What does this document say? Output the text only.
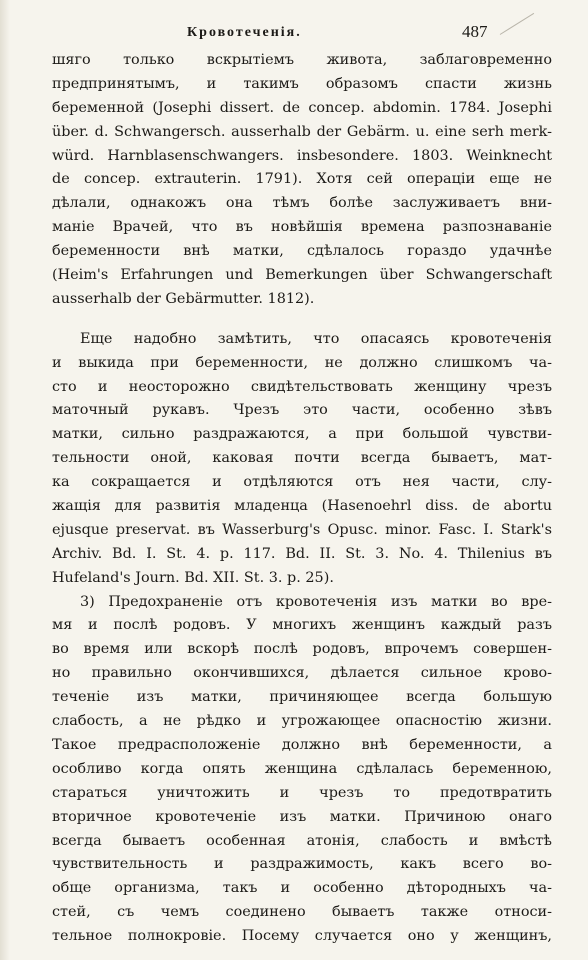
Кровотеченія.	487
шяго только вскрытіемъ живота, заблаговременно
предпринятымъ, и такимъ образомъ спасти жизнь
беременной (Josephi dissert. de concep. abdomin. 1784. Josephi
über. d. Schwangersch. ausserhalb der Gebärm. u. eine serh merk-
würd. Harnblasenschwangers. insbesondere. 1803. Weinknecht
de concep. extrauterin. 1791). Хотя сей операціи еще не
дѣлали, однакожъ она тѣмъ болѣе заслуживаетъ вни-
маніе Врачей, что въ новѣйшія времена разпознаваніе
беременности внѣ матки, сдѣлалось гораздо удачнѣе
(Heim's Erfahrungen und Bemerkungen über Schwangerschaft
ausserhalb der Gebärmutter. 1812).
Еще надобно замѣтить, что опасаясь кровотеченія
и выкида при беременности, не должно слишкомъ ча-
сто и неосторожно свидѣтельствовать женщину чрезъ
маточный рукавъ. Чрезъ это части, особенно зѣвъ
матки, сильно раздражаются, а при большой чувстви-
тельности оной, каковая почти всегда бываетъ, мат-
ка сокращается и отдѣляются отъ нея части, слу-
жащія для развитія младенца (Hasenoehrl diss. de abortu
ejusque preservat. въ Wasserburg's Opusc. minor. Fasc. I. Stark's
Archiv. Bd. I. St. 4. p. 117. Bd. II. St. 3. No. 4. Thilenius въ
Hufeland's Journ. Bd. XII. St. 3. p. 25).
3) Предохраненіе отъ кровотеченія изъ матки во вре-
мя и послѣ родовъ. У многихъ женщинъ каждый разъ
во время или вскорѣ послѣ родовъ, впрочемъ совершен-
но правильно окончившихся, дѣлается сильное крово-
теченіе изъ матки, причиняющее всегда большую
слабость, а не рѣдко и угрожающее опасностію жизни.
Такое предрасположеніе должно внѣ беременности, а
особливо когда опять женщина сдѣлалась беременною,
стараться уничтожить и чрезъ то предотвратить
вторичное кровотеченіе изъ матки. Причиною онаго
всегда бываетъ особенная атонія, слабость и вмѣстѣ
чувствительность и раздражимость, какъ всего во-
обще организма, такъ и особенно дѣтородныхъ ча-
стей, съ чемъ соединено бываетъ также относи-
тельное полнокровіе. Посему случается оно у женщинъ,
